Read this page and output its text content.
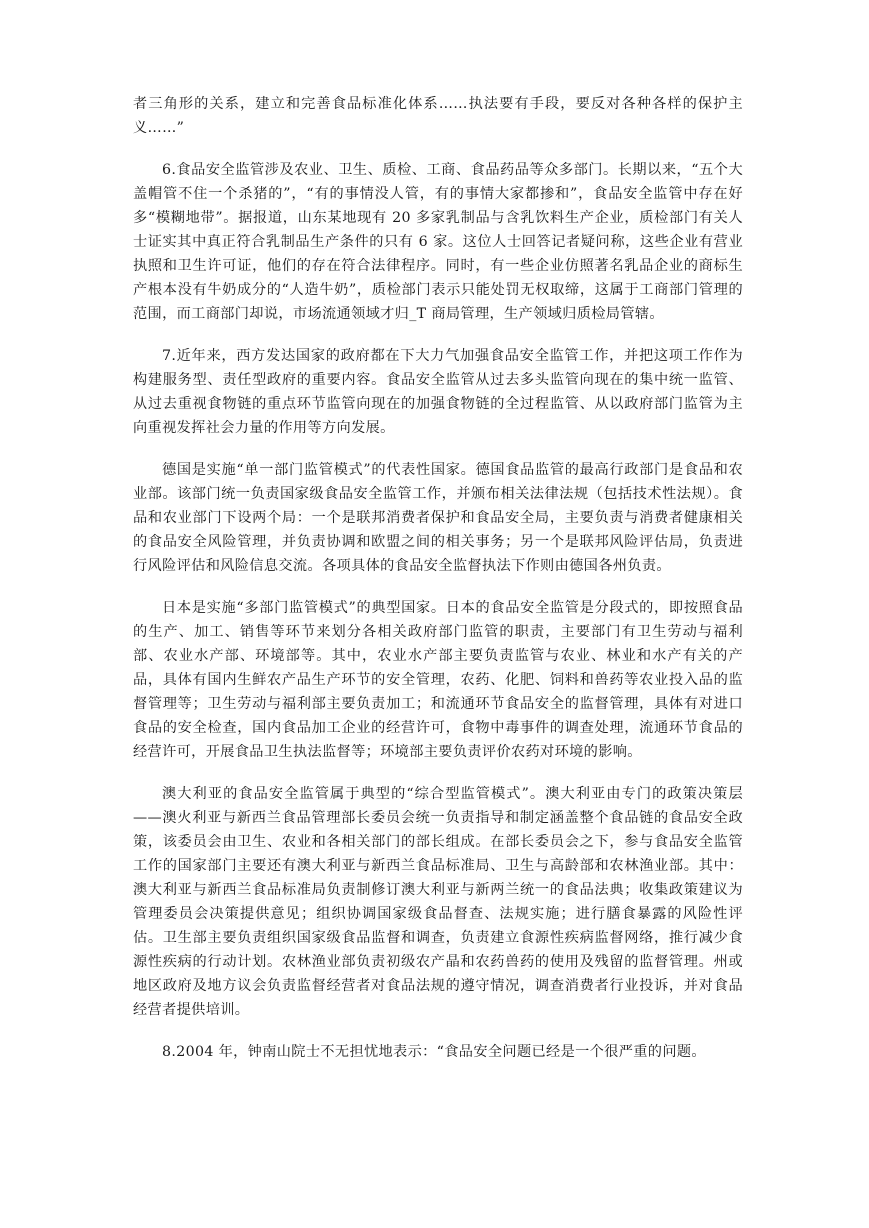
者三角形的关系，建立和完善食品标准化体系……执法要有手段，要反对各种各样的保护主义……”

6.食品安全监管涉及农业、卫生、质检、工商、食品药品等众多部门。长期以来，“五个大盖帽管不住一个杀猪的”，“有的事情没人管，有的事情大家都掺和”，食品安全监管中存在好多“模糊地带”。据报道，山东某地现有 20 多家乳制品与含乳饮料生产企业，质检部门有关人士证实其中真正符合乳制品生产条件的只有 6 家。这位人士回答记者疑问称，这些企业有营业执照和卫生许可证，他们的存在符合法律程序。同时，有一些企业仿照著名乳品企业的商标生产根本没有牛奶成分的“人造牛奶”，质检部门表示只能处罚无权取缔，这属于工商部门管理的范围，而工商部门却说，市场流通领域才归_T 商局管理，生产领域归质检局管辖。

7.近年来，西方发达国家的政府都在下大力气加强食品安全监管工作，并把这项工作作为构建服务型、责任型政府的重要内容。食品安全监管从过去多头监管向现在的集中统一监管、从过去重视食物链的重点环节监管向现在的加强食物链的全过程监管、从以政府部门监管为主向重视发挥社会力量的作用等方向发展。

德国是实施“单一部门监管模式”的代表性国家。德国食品监管的最高行政部门是食品和农业部。该部门统一负责国家级食品安全监管工作，并颁布相关法律法规（包括技术性法规）。食品和农业部门下设两个局：一个是联邦消费者保护和食品安全局，主要负责与消费者健康相关的食品安全风险管理，并负责协调和欧盟之间的相关事务；另一个是联邦风险评估局，负责进行风险评估和风险信息交流。各项具体的食品安全监督执法下作则由德国各州负责。

日本是实施“多部门监管模式”的典型国家。日本的食品安全监管是分段式的，即按照食品的生产、加工、销售等环节来划分各相关政府部门监管的职责，主要部门有卫生劳动与福利部、农业水产部、环境部等。其中，农业水产部主要负责监管与农业、林业和水产有关的产品，具体有国内生鲜农产品生产环节的安全管理，农药、化肥、饲料和兽药等农业投入品的监督管理等；卫生劳动与福利部主要负责加工；和流通环节食品安全的监督管理，具体有对进口食品的安全检查，国内食品加工企业的经营许可，食物中毒事件的调查处理，流通环节食品的经营许可，开展食品卫生执法监督等；环境部主要负责评价农药对环境的影响。

澳大利亚的食品安全监管属于典型的“综合型监管模式”。澳大利亚由专门的政策决策层——澳火利亚与新西兰食品管理部长委员会统一负责指导和制定涵盖整个食品链的食品安全政策，该委员会由卫生、农业和各相关部门的部长组成。在部长委员会之下，参与食品安全监管工作的国家部门主要还有澳大利亚与新西兰食品标准局、卫生与高龄部和农林渔业部。其中：澳大利亚与新西兰食品标准局负责制修订澳大利亚与新两兰统一的食品法典；收集政策建议为管理委员会决策提供意见；组织协调国家级食品督查、法规实施；进行膳食暴露的风险性评估。卫生部主要负责组织国家级食品监督和调查，负责建立食源性疾病监督网络，推行减少食源性疾病的行动计划。农林渔业部负责初级农产晶和农药兽药的使用及残留的监督管理。州或地区政府及地方议会负责监督经营者对食品法规的遵守情况，调查消费者行业投诉，并对食品经营者提供培训。

8.2004 年，钟南山院士不无担忧地表示：“食品安全问题已经是一个很严重的问题。
